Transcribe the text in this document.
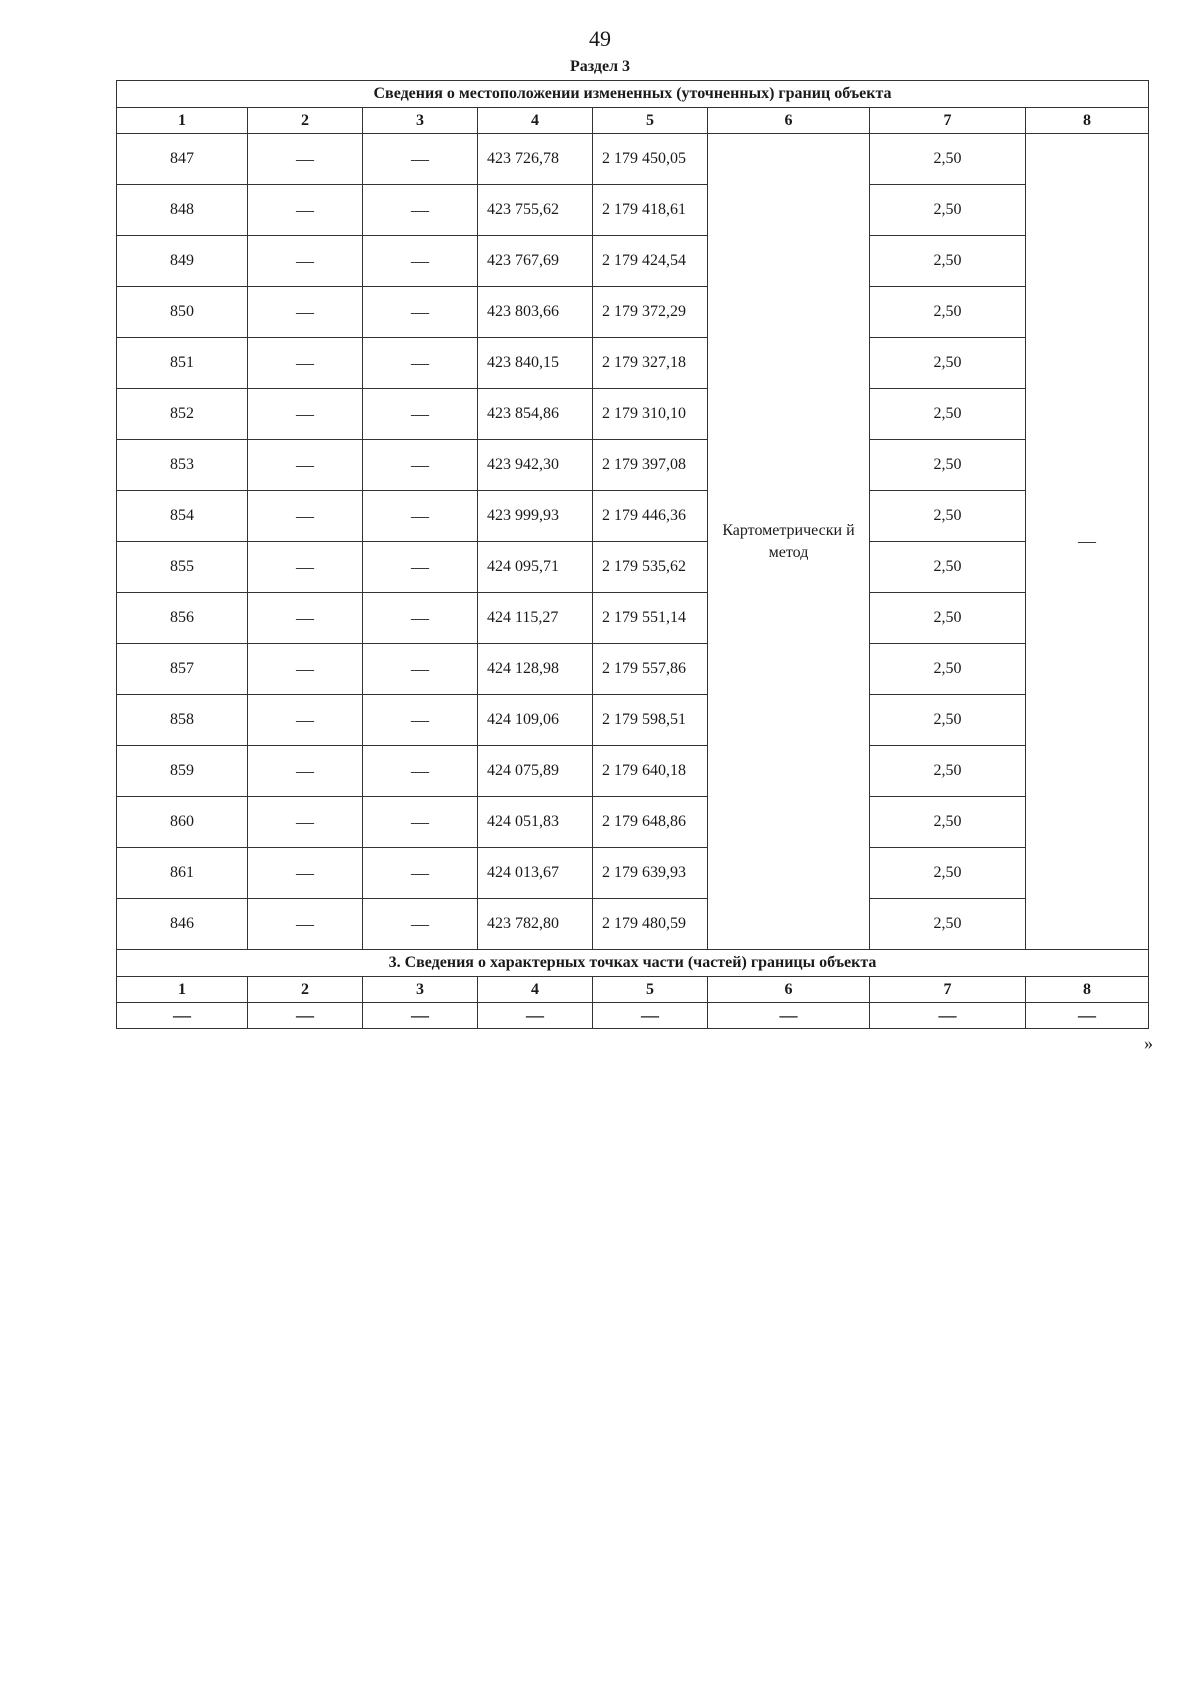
49
Раздел 3
Сведения о местоположении измененных (уточненных) границ объекта							
1	2	3	4	5	6	7	8
847	—	—	423 726,78	2 179 450,05	Картометрически й метод	2,50	—
848	—	—	423 755,62	2 179 418,61		2,50	
849	—	—	423 767,69	2 179 424,54		2,50	
850	—	—	423 803,66	2 179 372,29		2,50	
851	—	—	423 840,15	2 179 327,18		2,50	
852	—	—	423 854,86	2 179 310,10		2,50	
853	—	—	423 942,30	2 179 397,08		2,50	
854	—	—	423 999,93	2 179 446,36		2,50	
855	—	—	424 095,71	2 179 535,62		2,50	
856	—	—	424 115,27	2 179 551,14		2,50	
857	—	—	424 128,98	2 179 557,86		2,50	
858	—	—	424 109,06	2 179 598,51		2,50	
859	—	—	424 075,89	2 179 640,18		2,50	
860	—	—	424 051,83	2 179 648,86		2,50	
861	—	—	424 013,67	2 179 639,93		2,50	
846	—	—	423 782,80	2 179 480,59		2,50	
3. Сведения о характерных точках части (частей) границы объекта							
1	2	3	4	5	6	7	8
—	—	—	—	—	—	—	—
»
